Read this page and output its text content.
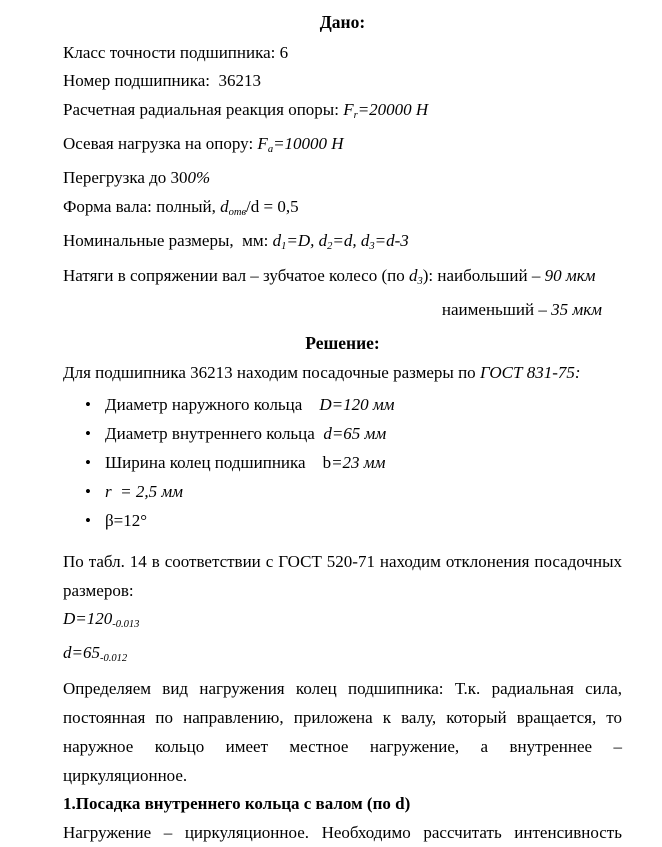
Дано:
Класс точности подшипника: 6
Номер подшипника:  36213
Расчетная радиальная реакция опоры: Fr=20000 Н
Осевая нагрузка на опору: Fa=10000 Н
Перегрузка до 300%
Форма вала: полный, dотв/d = 0,5
Номинальные размеры,  мм: d1=D, d2=d, d3=d-3
Натяги в сопряжении вал – зубчатое колесо (по d3): наибольший – 90 мкм
наименьший – 35 мкм
Решение:
Для подшипника 36213 находим посадочные размеры по ГОСТ 831-75:
• Диаметр наружного кольца    D=120 мм
• Диаметр внутреннего кольца  d=65 мм
• Ширина колец подшипника    b=23 мм
• r  = 2,5 мм
• β=12°
По табл. 14 в соответствии с ГОСТ 520-71 находим отклонения посадочных размеров:
D=120-0.013
d=65-0.012
Определяем вид нагружения колец подшипника: Т.к. радиальная сила, постоянная по направлению, приложена к валу, который вращается, то наружное кольцо имеет местное нагружение, а внутреннее – циркуляционное.
1.Посадка внутреннего кольца с валом (по d)
Нагружение – циркуляционное. Необходимо рассчитать интенсивность
